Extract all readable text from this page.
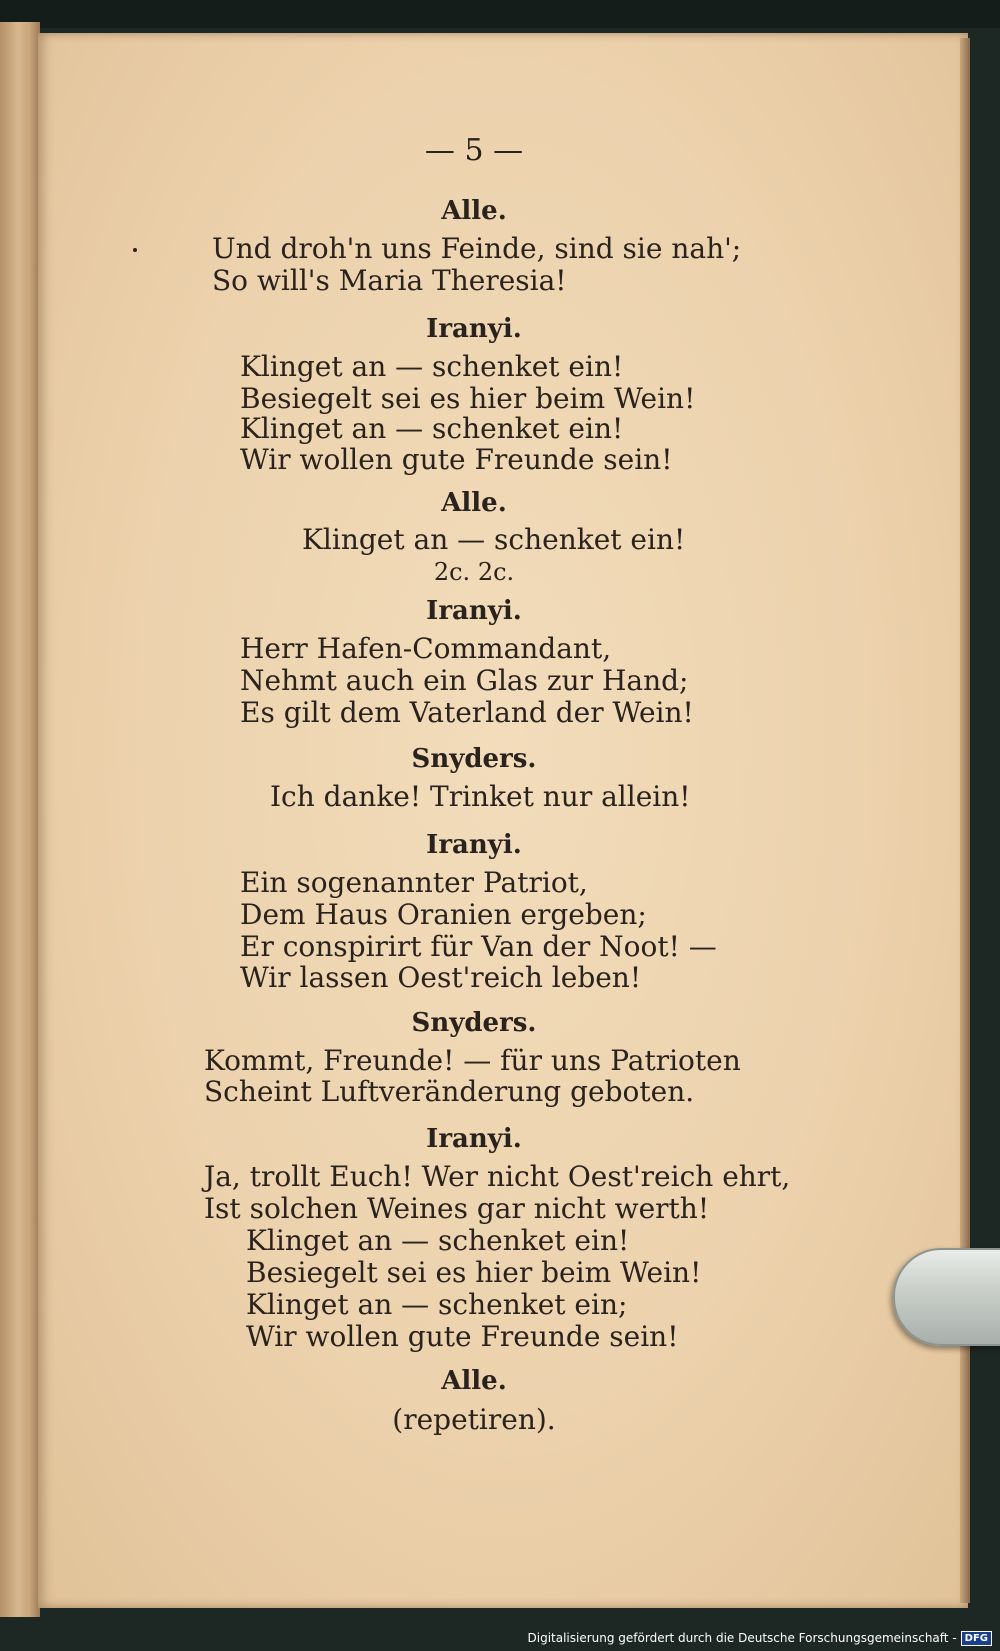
— 5 —
Alle.
Und droh'n uns Feinde, sind sie nah';
So will's Maria Theresia!
Iranyi.
Klinget an — schenket ein!
Besiegelt sei es hier beim Wein!
Klinget an — schenket ein!
Wir wollen gute Freunde sein!
Alle.
Klinget an — schenket ein!
2c. 2c.
Iranyi.
Herr Hafen-Commandant,
Nehmt auch ein Glas zur Hand;
Es gilt dem Vaterland der Wein!
Snyders.
Ich danke! Trinket nur allein!
Iranyi.
Ein sogenannter Patriot,
Dem Haus Oranien ergeben;
Er conspirirt für Van der Noot! —
Wir lassen Oest'reich leben!
Snyders.
Kommt, Freunde! — für uns Patrioten
Scheint Luftveränderung geboten.
Iranyi.
Ja, trollt Euch! Wer nicht Oest'reich ehrt,
Ist solchen Weines gar nicht werth!
Klinget an — schenket ein!
Besiegelt sei es hier beim Wein!
Klinget an — schenket ein;
Wir wollen gute Freunde sein!
Alle.
(repetiren).
Digitalisierung gefördert durch die Deutsche Forschungsgemeinschaft - DFG
